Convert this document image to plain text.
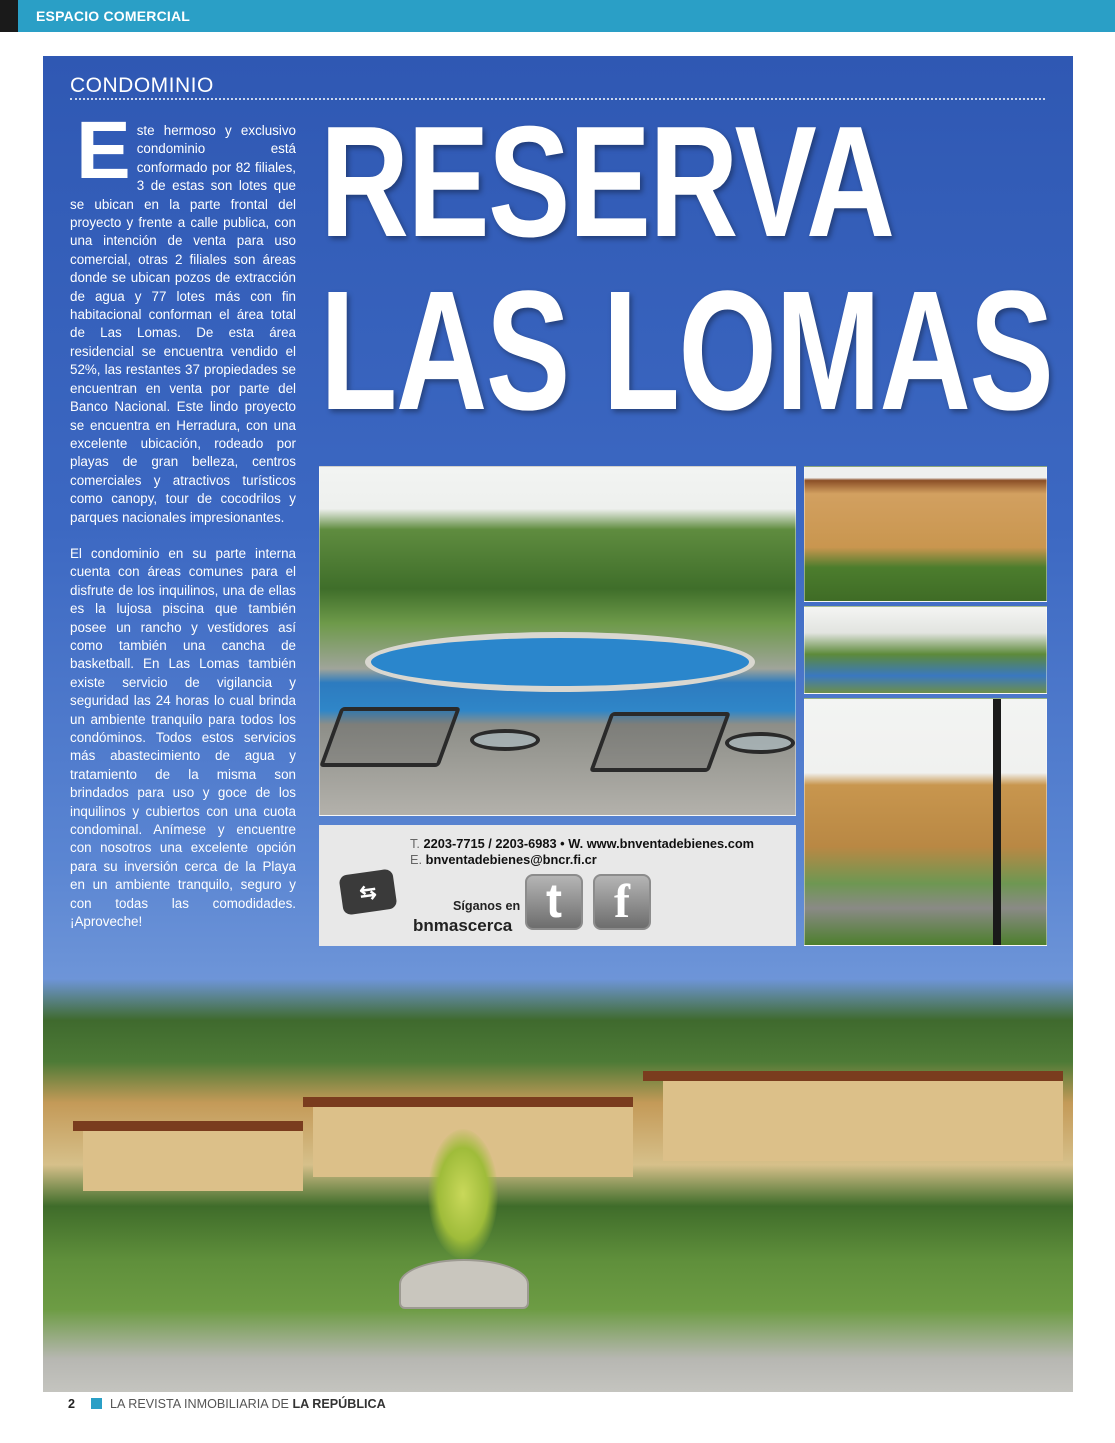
ESPACIO COMERCIAL
CONDOMINIO

Este hermoso y exclusivo condominio está conformado por 82 filiales, 3 de estas son lotes que se ubican en la parte frontal del proyecto y frente a calle publica, con una intención de venta para uso comercial, otras 2 filiales son áreas donde se ubican pozos de extracción de agua y 77 lotes más con fin habitacional conforman el área total de Las Lomas. De esta área residencial se encuentra vendido el 52%, las restantes 37 propiedades se encuentran en venta por parte del Banco Nacional. Este lindo proyecto se encuentra en Herradura, con una excelente ubicación, rodeado por playas de gran belleza, centros comerciales y atractivos turísticos como canopy, tour de cocodrilos y parques nacionales impresionantes.

El condominio en su parte interna cuenta con áreas comunes para el disfrute de los inquilinos, una de ellas es la lujosa piscina que también posee un rancho y vestidores así como también una cancha de basketball. En Las Lomas también existe servicio de vigilancia y seguridad las 24 horas lo cual brinda un ambiente tranquilo para todos los condóminos. Todos estos servicios más abastecimiento de agua y tratamiento de la misma son brindados para uso y goce de los inquilinos y cubiertos con una cuota condominal. Anímese y encuentre con nosotros una excelente opción para su inversión cerca de la Playa en un ambiente tranquilo, seguro y con todas las comodidades. ¡Aproveche!

RESERVA
LAS LOMAS
T. 2203-7715 / 2203-6983 • W. www.bnventadebienes.com
E. bnventadebienes@bncr.fi.cr
⇆
Síganos en
bnmascerca t	f
2	LA REVISTA INMOBILIARIA DE LA REPÚBLICA
